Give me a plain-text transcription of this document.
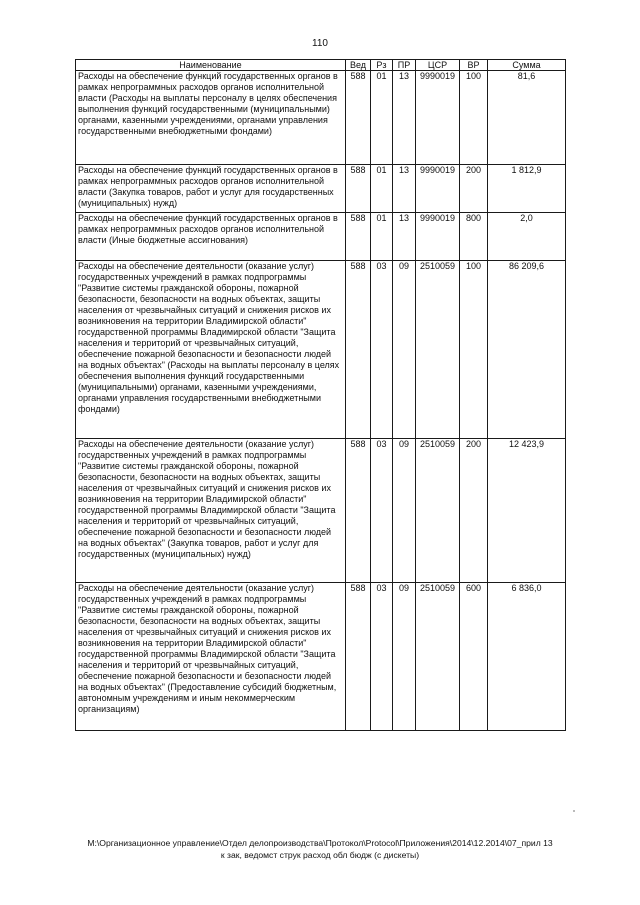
110
Наименование	Вед	Рз	ПР	ЦСР	ВР	Сумма
Расходы на обеспечение функций государственных органов в рамках непрограммных расходов органов исполнительной власти (Расходы на выплаты персоналу в целях обеспечения выполнения функций государственными (муниципальными) органами, казенными учреждениями, органами управления государственными внебюджетными фондами)	588	01	13	9990019	100	81,6
Расходы на обеспечение функций государственных органов в рамках непрограммных расходов органов исполнительной власти (Закупка товаров, работ и услуг для государственных (муниципальных) нужд)	588	01	13	9990019	200	1 812,9
Расходы на обеспечение функций государственных органов в рамках непрограммных расходов органов исполнительной власти (Иные бюджетные ассигнования)	588	01	13	9990019	800	2,0
Расходы на обеспечение деятельности (оказание услуг) государственных учреждений в рамках подпрограммы "Развитие системы гражданской обороны, пожарной безопасности, безопасности на водных объектах, защиты населения от чрезвычайных ситуаций и снижения рисков их возникновения на территории Владимирской области" государственной программы Владимирской области "Защита населения и территорий от чрезвычайных ситуаций, обеспечение пожарной безопасности и безопасности людей на водных объектах" (Расходы на выплаты персоналу в целях обеспечения выполнения функций государственными (муниципальными) органами, казенными учреждениями, органами управления государственными внебюджетными фондами)	588	03	09	2510059	100	86 209,6
Расходы на обеспечение деятельности (оказание услуг) государственных учреждений в рамках подпрограммы "Развитие системы гражданской обороны, пожарной безопасности, безопасности на водных объектах, защиты населения от чрезвычайных ситуаций и снижения рисков их возникновения на территории Владимирской области" государственной программы Владимирской области "Защита населения и территорий от чрезвычайных ситуаций, обеспечение пожарной безопасности и безопасности людей на водных объектах" (Закупка товаров, работ и услуг для государственных (муниципальных) нужд)	588	03	09	2510059	200	12 423,9
Расходы на обеспечение деятельности (оказание услуг) государственных учреждений в рамках подпрограммы "Развитие системы гражданской обороны, пожарной безопасности, безопасности на водных объектах, защиты населения от чрезвычайных ситуаций и снижения рисков их возникновения на территории Владимирской области" государственной программы Владимирской области "Защита населения и территорий от чрезвычайных ситуаций, обеспечение пожарной безопасности и безопасности людей на водных объектах" (Предоставление субсидий бюджетным, автономным учреждениям и иным некоммерческим организациям)	588	03	09	2510059	600	6 836,0
M:\Организационное управление\Отдел делопроизводства\Протокол\Protocol\Приложения\2014\12.2014\07_прил 13
к зак, ведомст струк расход обл бюдж (с дискеты)
